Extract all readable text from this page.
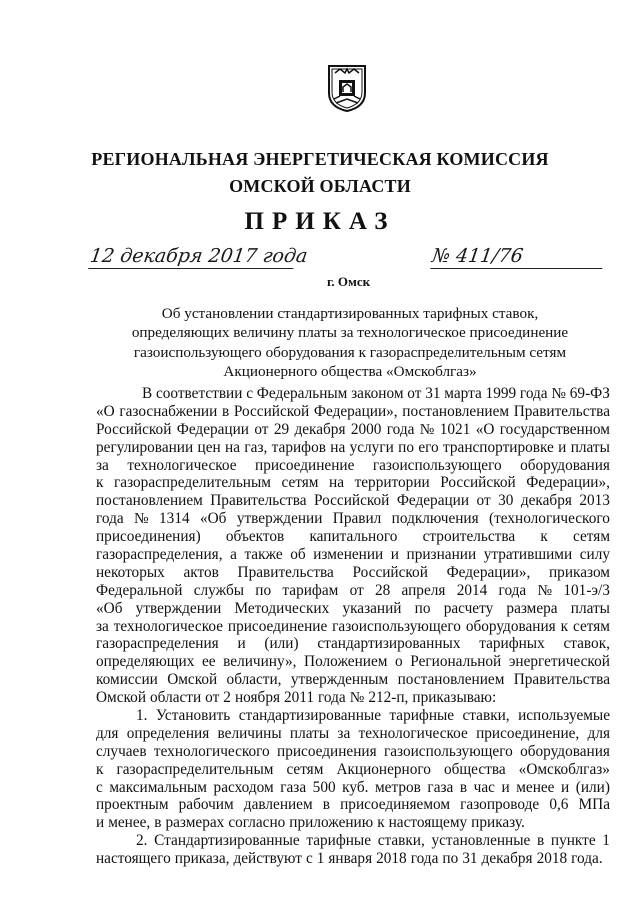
РЕГИОНАЛЬНАЯ ЭНЕРГЕТИЧЕСКАЯ КОМИССИЯ
ОМСКОЙ ОБЛАСТИ
ПРИКАЗ
12 декабря 2017 года	№ 411/76
г. Омск
Об установлении стандартизированных тарифных ставок,
определяющих величину платы за технологическое присоединение
газоиспользующего оборудования к газораспределительным сетям
Акционерного общества «Омскоблгаз»
В соответствии с Федеральным законом от 31 марта 1999 года № 69-ФЗ
«О газоснабжении в Российской Федерации», постановлением Правительства
Российской Федерации от 29 декабря 2000 года № 1021 «О государственном
регулировании цен на газ, тарифов на услуги по его транспортировке и платы
за технологическое присоединение газоиспользующего оборудования
к газораспределительным сетям на территории Российской Федерации»,
постановлением Правительства Российской Федерации от 30 декабря 2013
года № 1314 «Об утверждении Правил подключения (технологического
присоединения) объектов капитального строительства к сетям
газораспределения, а также об изменении и признании утратившими силу
некоторых актов Правительства Российской Федерации», приказом
Федеральной службы по тарифам от 28 апреля 2014 года № 101-э/3
«Об утверждении Методических указаний по расчету размера платы
за технологическое присоединение газоиспользующего оборудования к сетям
газораспределения и (или) стандартизированных тарифных ставок,
определяющих ее величину», Положением о Региональной энергетической
комиссии Омской области, утвержденным постановлением Правительства
Омской области от 2 ноября 2011 года № 212-п, приказываю:
1. Установить стандартизированные тарифные ставки, используемые
для определения величины платы за технологическое присоединение, для
случаев технологического присоединения газоиспользующего оборудования
к газораспределительным сетям Акционерного общества «Омскоблгаз»
с максимальным расходом газа 500 куб. метров газа в час и менее и (или)
проектным рабочим давлением в присоединяемом газопроводе 0,6 МПа
и менее, в размерах согласно приложению к настоящему приказу.
2. Стандартизированные тарифные ставки, установленные в пункте 1
настоящего приказа, действуют с 1 января 2018 года по 31 декабря 2018 года.
